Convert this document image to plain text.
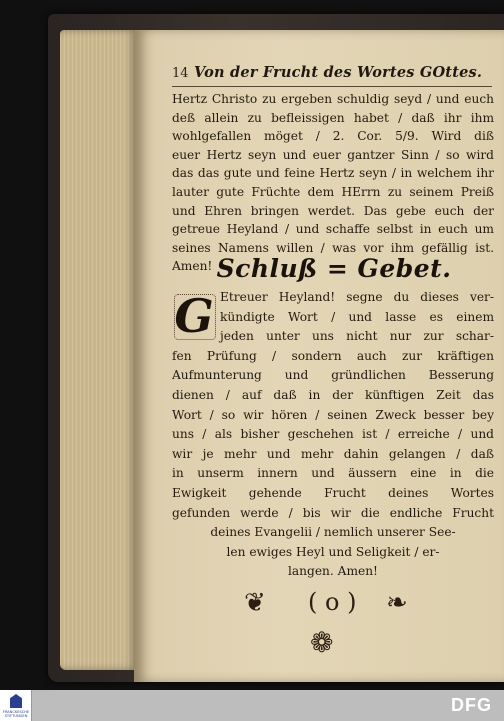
14 Von der Frucht des Wortes GOttes.
Hertz Christo zu ergeben schuldig seyd / und euch
deß allein zu befleissigen habet / daß ihr ihm
wohlgefallen möget / 2. Cor. 5/9. Wird diß
euer Hertz seyn und euer gantzer Sinn / so wird
das das gute und feine Hertz seyn / in welchem ihr
lauter gute Früchte dem HErrn zu seinem Preiß
und Ehren bringen werdet. Das gebe euch der
getreue Heyland / und schaffe selbst in euch um
seines Namens willen / was vor ihm gefällig ist.
Amen! Schluß = Gebet.
G Etreuer Heyland! segne du dieses ver-
kündigte Wort / und lasse es einem
jeden unter uns nicht nur zur schar-
fen Prüfung / sondern auch zur kräftigen
Aufmunterung und gründlichen Besserung
dienen / auf daß in der künftigen Zeit das
Wort / so wir hören / seinen Zweck besser bey
uns / als bisher geschehen ist / erreiche / und
wir je mehr und mehr dahin gelangen / daß
in unserm innern und äussern eine in die
Ewigkeit gehende Frucht deines Wortes
gefunden werde / bis wir die endliche Frucht
deines Evangelii / nemlich unserer See-
len ewiges Heyl und Seligkeit / er-
langen. Amen!
❦ ( o ) ❧
❁
FRANCKESCHE STIFTUNGEN
DFG
